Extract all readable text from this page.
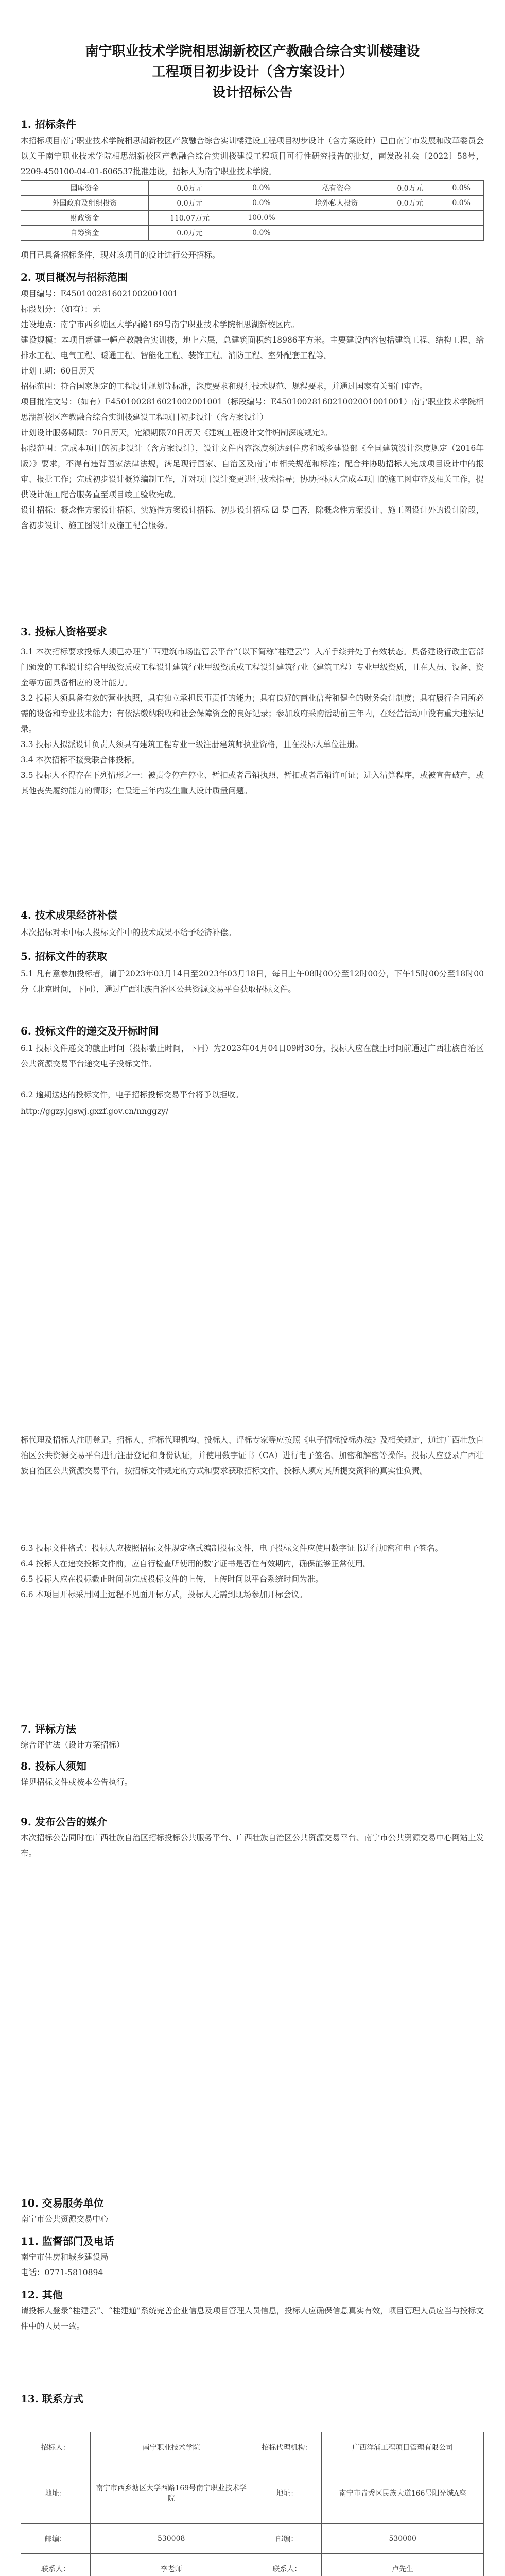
南宁职业技术学院相思湖新校区产教融合综合实训楼建设
工程项目初步设计（含方案设计）
设计招标公告
1. 招标条件
本招标项目南宁职业技术学院相思湖新校区产教融合综合实训楼建设工程项目初步设计（含方案设计）已由南宁市发展和改革委员会以关于南宁职业技术学院相思湖新校区产教融合综合实训楼建设工程项目可行性研究报告的批复，南发改社会〔2022〕58号，2209-450100-04-01-606537批准建设，招标人为南宁职业技术学院。
国库资金	0.0万元	0.0%	私有资金	0.0万元	0.0%
外国政府及组织投资	0.0万元	0.0%	境外私人投资	0.0万元	0.0%
财政资金	110.07万元	100.0%			
自筹资金	0.0万元	0.0%			
项目已具备招标条件，现对该项目的设计进行公开招标。
2. 项目概况与招标范围

项目编号：E4501002816021002001001

标段划分：（如有）：无

建设地点：南宁市西乡塘区大学西路169号南宁职业技术学院相思湖新校区内。

建设规模：本项目新建一幢产教融合实训楼，地上六层，总建筑面积约18986平方米。主要建设内容包括建筑工程、结构工程、给排水工程、电气工程、暖通工程、智能化工程、装饰工程、消防工程、室外配套工程等。

计划工期：60日历天

招标范围：符合国家规定的工程设计规划等标准，深度要求和现行技术规范、规程要求，并通过国家有关部门审查。

项目批准文号：（如有）E4501002816021002001001（标段编号：E4501002816021002001001001）南宁职业技术学院相思湖新校区产教融合综合实训楼建设工程项目初步设计（含方案设计）

计划设计服务期限：70日历天，定额期限70日历天《建筑工程设计文件编制深度规定》。

标段范围：完成本项目的初步设计（含方案设计），设计文件内容深度须达到住房和城乡建设部《全国建筑设计深度规定（2016年版）》要求，不得有违背国家法律法规，满足现行国家、自治区及南宁市相关规范和标准；配合并协助招标人完成项目设计中的报审、报批工作；完成初步设计概算编制工作，并对项目设计变更进行技术指导；协助招标人完成本项目的施工图审查及相关工作，提供设计施工配合服务直至项目竣工验收完成。

设计招标：概念性方案设计招标、实施性方案设计招标、初步设计招标 ☑ 是 □否，除概念性方案设计、施工图设计外的设计阶段，含初步设计、施工图设计及施工配合服务。

3. 投标人资格要求

3.1 本次招标要求投标人须已办理“广西建筑市场监管云平台”（以下简称“桂建云”）入库手续并处于有效状态。具备建设行政主管部门颁发的工程设计综合甲级资质或工程设计建筑行业甲级资质或工程设计建筑行业（建筑工程）专业甲级资质，且在人员、设备、资金等方面具备相应的设计能力。

3.2 投标人须具备有效的营业执照，具有独立承担民事责任的能力；具有良好的商业信誉和健全的财务会计制度；具有履行合同所必需的设备和专业技术能力；有依法缴纳税收和社会保障资金的良好记录；参加政府采购活动前三年内，在经营活动中没有重大违法记录。

3.3 投标人拟派设计负责人须具有建筑工程专业一级注册建筑师执业资格，且在投标人单位注册。

3.4 本次招标不接受联合体投标。

3.5 投标人不得存在下列情形之一：被责令停产停业、暂扣或者吊销执照、暂扣或者吊销许可证；进入清算程序，或被宣告破产，或其他丧失履约能力的情形；在最近三年内发生重大设计质量问题。

4. 技术成果经济补偿
本次招标对未中标人投标文件中的技术成果不给予经济补偿。
5. 招标文件的获取
5.1 凡有意参加投标者，请于2023年03月14日至2023年03月18日，每日上午08时00分至12时00分，下午15时00分至18时00分（北京时间，下同），通过广西壮族自治区公共资源交易平台获取招标文件。
6. 投标文件的递交及开标时间
6.1 投标文件递交的截止时间（投标截止时间，下同）为2023年04月04日09时30分，投标人应在截止时间前通过广西壮族自治区公共资源交易平台递交电子投标文件。
6.2 逾期送达的投标文件，电子招标投标交易平台将予以拒收。
http://ggzy.jgswj.gxzf.gov.cn/nnggzy/
标代理及招标人注册登记。招标人、招标代理机构、投标人、评标专家等应按照《电子招标投标办法》及相关规定，通过广西壮族自治区公共资源交易平台进行注册登记和身份认证，并使用数字证书（CA）进行电子签名、加密和解密等操作。投标人应登录广西壮族自治区公共资源交易平台，按招标文件规定的方式和要求获取招标文件。投标人须对其所提交资料的真实性负责。

6.3 投标文件格式：投标人应按照招标文件规定格式编制投标文件，电子投标文件应使用数字证书进行加密和电子签名。

6.4 投标人在递交投标文件前，应自行检查所使用的数字证书是否在有效期内，确保能够正常使用。

6.5 投标人应在投标截止时间前完成投标文件的上传，上传时间以平台系统时间为准。

6.6 本项目开标采用网上远程不见面开标方式，投标人无需到现场参加开标会议。

7. 评标方法
综合评估法（设计方案招标）
8. 投标人须知
详见招标文件或按本公告执行。
9. 发布公告的媒介
本次招标公告同时在广西壮族自治区招标投标公共服务平台、广西壮族自治区公共资源交易平台、南宁市公共资源交易中心网站上发布。
10. 交易服务单位
南宁市公共资源交易中心
11. 监督部门及电话
南宁市住房和城乡建设局
电话：0771-5810894
12. 其他
请投标人登录“桂建云”、“桂建通”系统完善企业信息及项目管理人员信息，投标人应确保信息真实有效，项目管理人员应当与投标文件中的人员一致。
13. 联系方式
招标人：	南宁职业技术学院	招标代理机构：	广西洋浦工程项目管理有限公司
地址：	南宁市西乡塘区大学西路169号南宁职业技术学院	地址：	南宁市青秀区民族大道166号阳光城A座
邮编：	530008	邮编：	530000
联系人：	李老师	联系人：	卢先生
